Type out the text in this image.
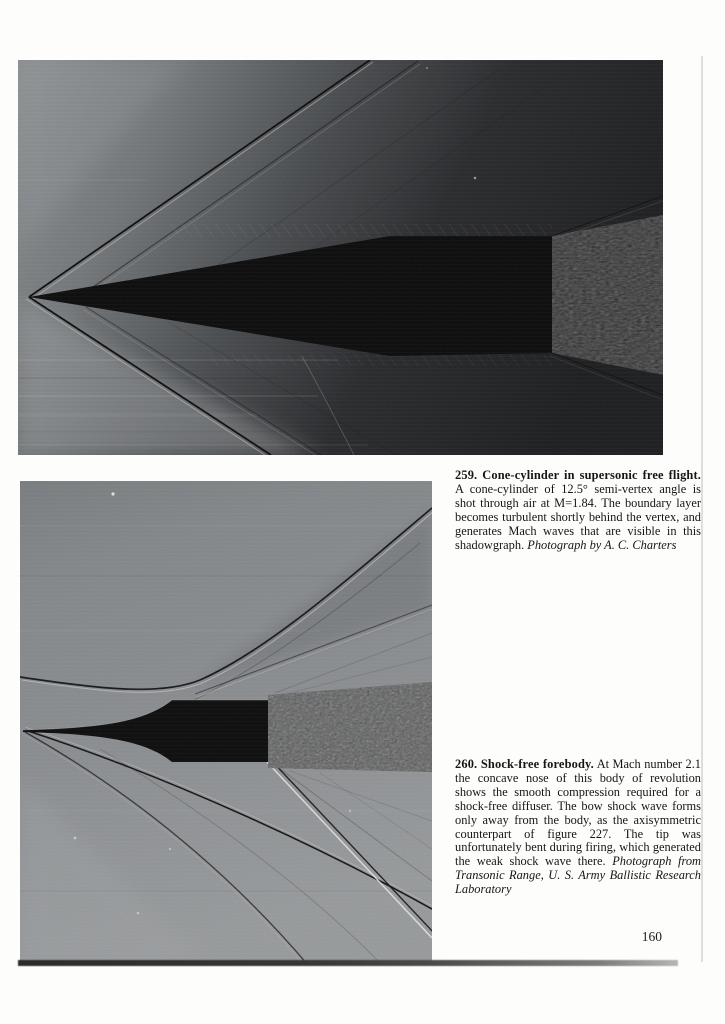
259. Cone-cylinder in supersonic free flight. A cone-cylinder of 12.5° semi-vertex angle is shot through air at M=1.84. The boundary layer becomes turbulent shortly behind the vertex, and generates Mach waves that are visible in this shadowgraph. Photograph by A. C. Charters

260. Shock-free forebody. At Mach number 2.1 the concave nose of this body of revolution shows the smooth compression required for a shock-free diffuser. The bow shock wave forms only away from the body, as the axisymmetric counterpart of figure 227. The tip was unfortunately bent during firing, which generated the weak shock wave there. Photograph from Transonic Range, U. S. Army Ballistic Research Laboratory

160
